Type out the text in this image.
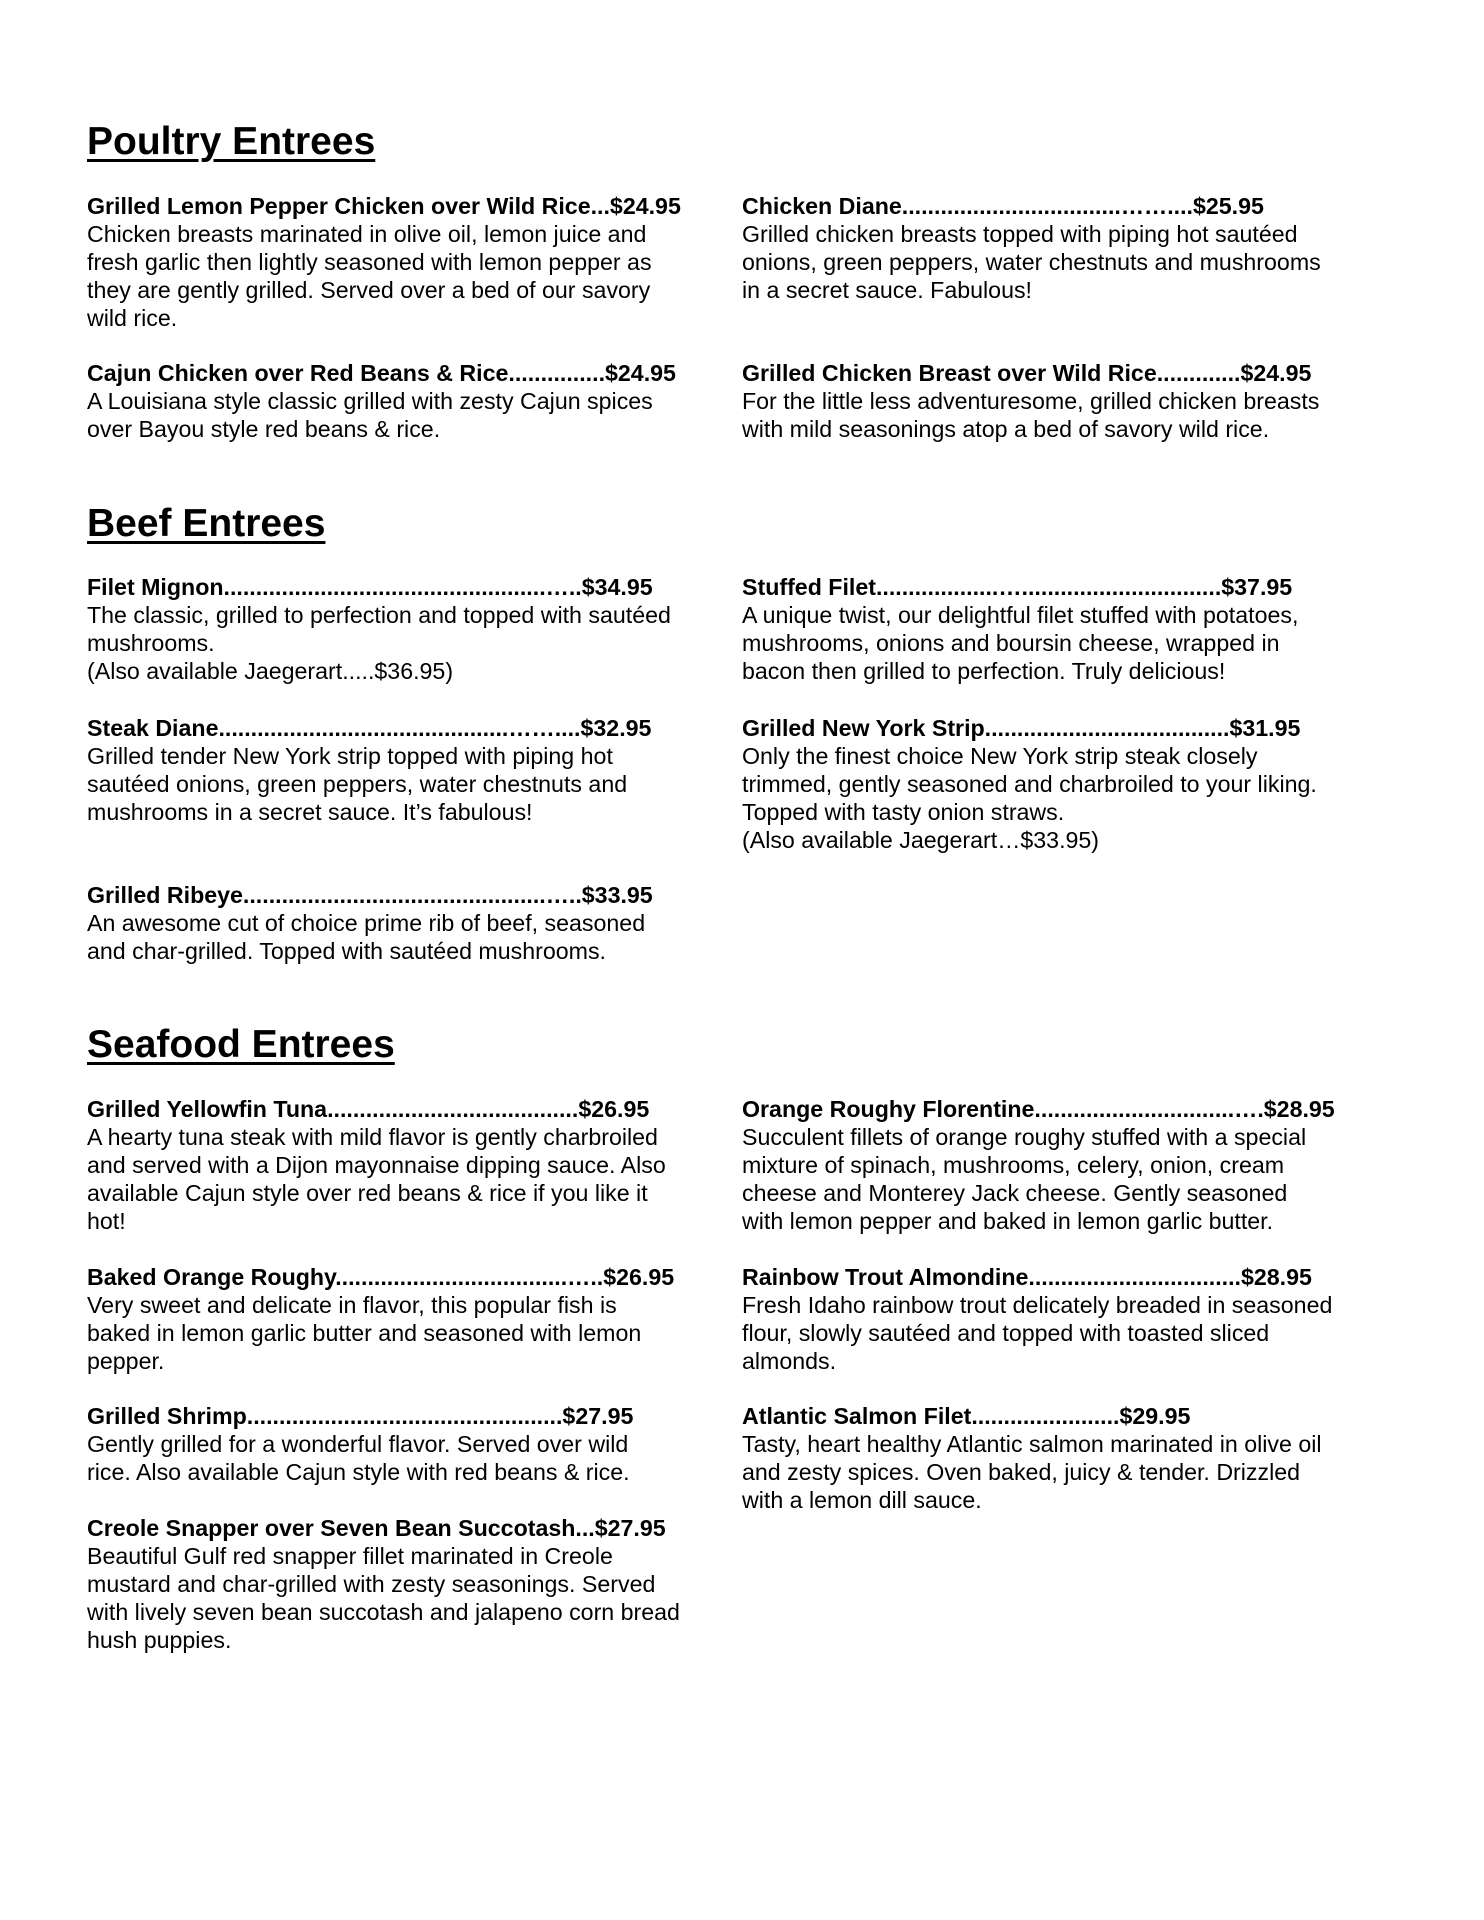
Poultry Entrees
Grilled Lemon Pepper Chicken over Wild Rice...$24.95

Chicken breasts marinated in olive oil, lemon juice and

fresh garlic then lightly seasoned with lemon pepper as

they are gently grilled. Served over a bed of our savory

wild rice.

Chicken Diane..................................……....$25.95

Grilled chicken breasts topped with piping hot sautéed

onions, green peppers, water chestnuts and mushrooms

in a secret sauce. Fabulous!

Cajun Chicken over Red Beans & Rice...............$24.95

A Louisiana style classic grilled with zesty Cajun spices

over Bayou style red beans & rice.

Grilled Chicken Breast over Wild Rice.............$24.95

For the little less adventuresome, grilled chicken breasts

with mild seasonings atop a bed of savory wild rice.

Beef Entrees
Filet Mignon..................................................…..$34.95

The classic, grilled to perfection and topped with sautéed

mushrooms.

(Also available Jaegerart.....$36.95)

Stuffed Filet...................…...............................$37.95

A unique twist, our delightful filet stuffed with potatoes,

mushrooms, onions and boursin cheese, wrapped in

bacon then grilled to perfection. Truly delicious!

Steak Diane.............................................……....$32.95

Grilled tender New York strip topped with piping hot

sautéed onions, green peppers, water chestnuts and

mushrooms in a secret sauce. It’s fabulous!

Grilled New York Strip......................................$31.95

Only the finest choice New York strip steak closely

trimmed, gently seasoned and charbroiled to your liking.

Topped with tasty onion straws.

(Also available Jaegerart…$33.95)

Grilled Ribeye...............................................…..$33.95

An awesome cut of choice prime rib of beef, seasoned

and char-grilled. Topped with sautéed mushrooms.

Seafood Entrees
Grilled Yellowfin Tuna.......................................$26.95

A hearty tuna steak with mild flavor is gently charbroiled

and served with a Dijon mayonnaise dipping sauce. Also

available Cajun style over red beans & rice if you like it

hot!

Orange Roughy Florentine...............................….$28.95

Succulent fillets of orange roughy stuffed with a special

mixture of spinach, mushrooms, celery, onion, cream

cheese and Monterey Jack cheese. Gently seasoned

with lemon pepper and baked in lemon garlic butter.

Baked Orange Roughy....................................…..$26.95

Very sweet and delicate in flavor, this popular fish is

baked in lemon garlic butter and seasoned with lemon

pepper.

Rainbow Trout Almondine.................................$28.95

Fresh Idaho rainbow trout delicately breaded in seasoned

flour, slowly sautéed and topped with toasted sliced

almonds.

Grilled Shrimp.................................................$27.95

Gently grilled for a wonderful flavor. Served over wild

rice. Also available Cajun style with red beans & rice.

Atlantic Salmon Filet.......................$29.95

Tasty, heart healthy Atlantic salmon marinated in olive oil

and zesty spices. Oven baked, juicy & tender. Drizzled

with a lemon dill sauce.

Creole Snapper over Seven Bean Succotash...$27.95

Beautiful Gulf red snapper fillet marinated in Creole

mustard and char-grilled with zesty seasonings. Served

with lively seven bean succotash and jalapeno corn bread

hush puppies.
